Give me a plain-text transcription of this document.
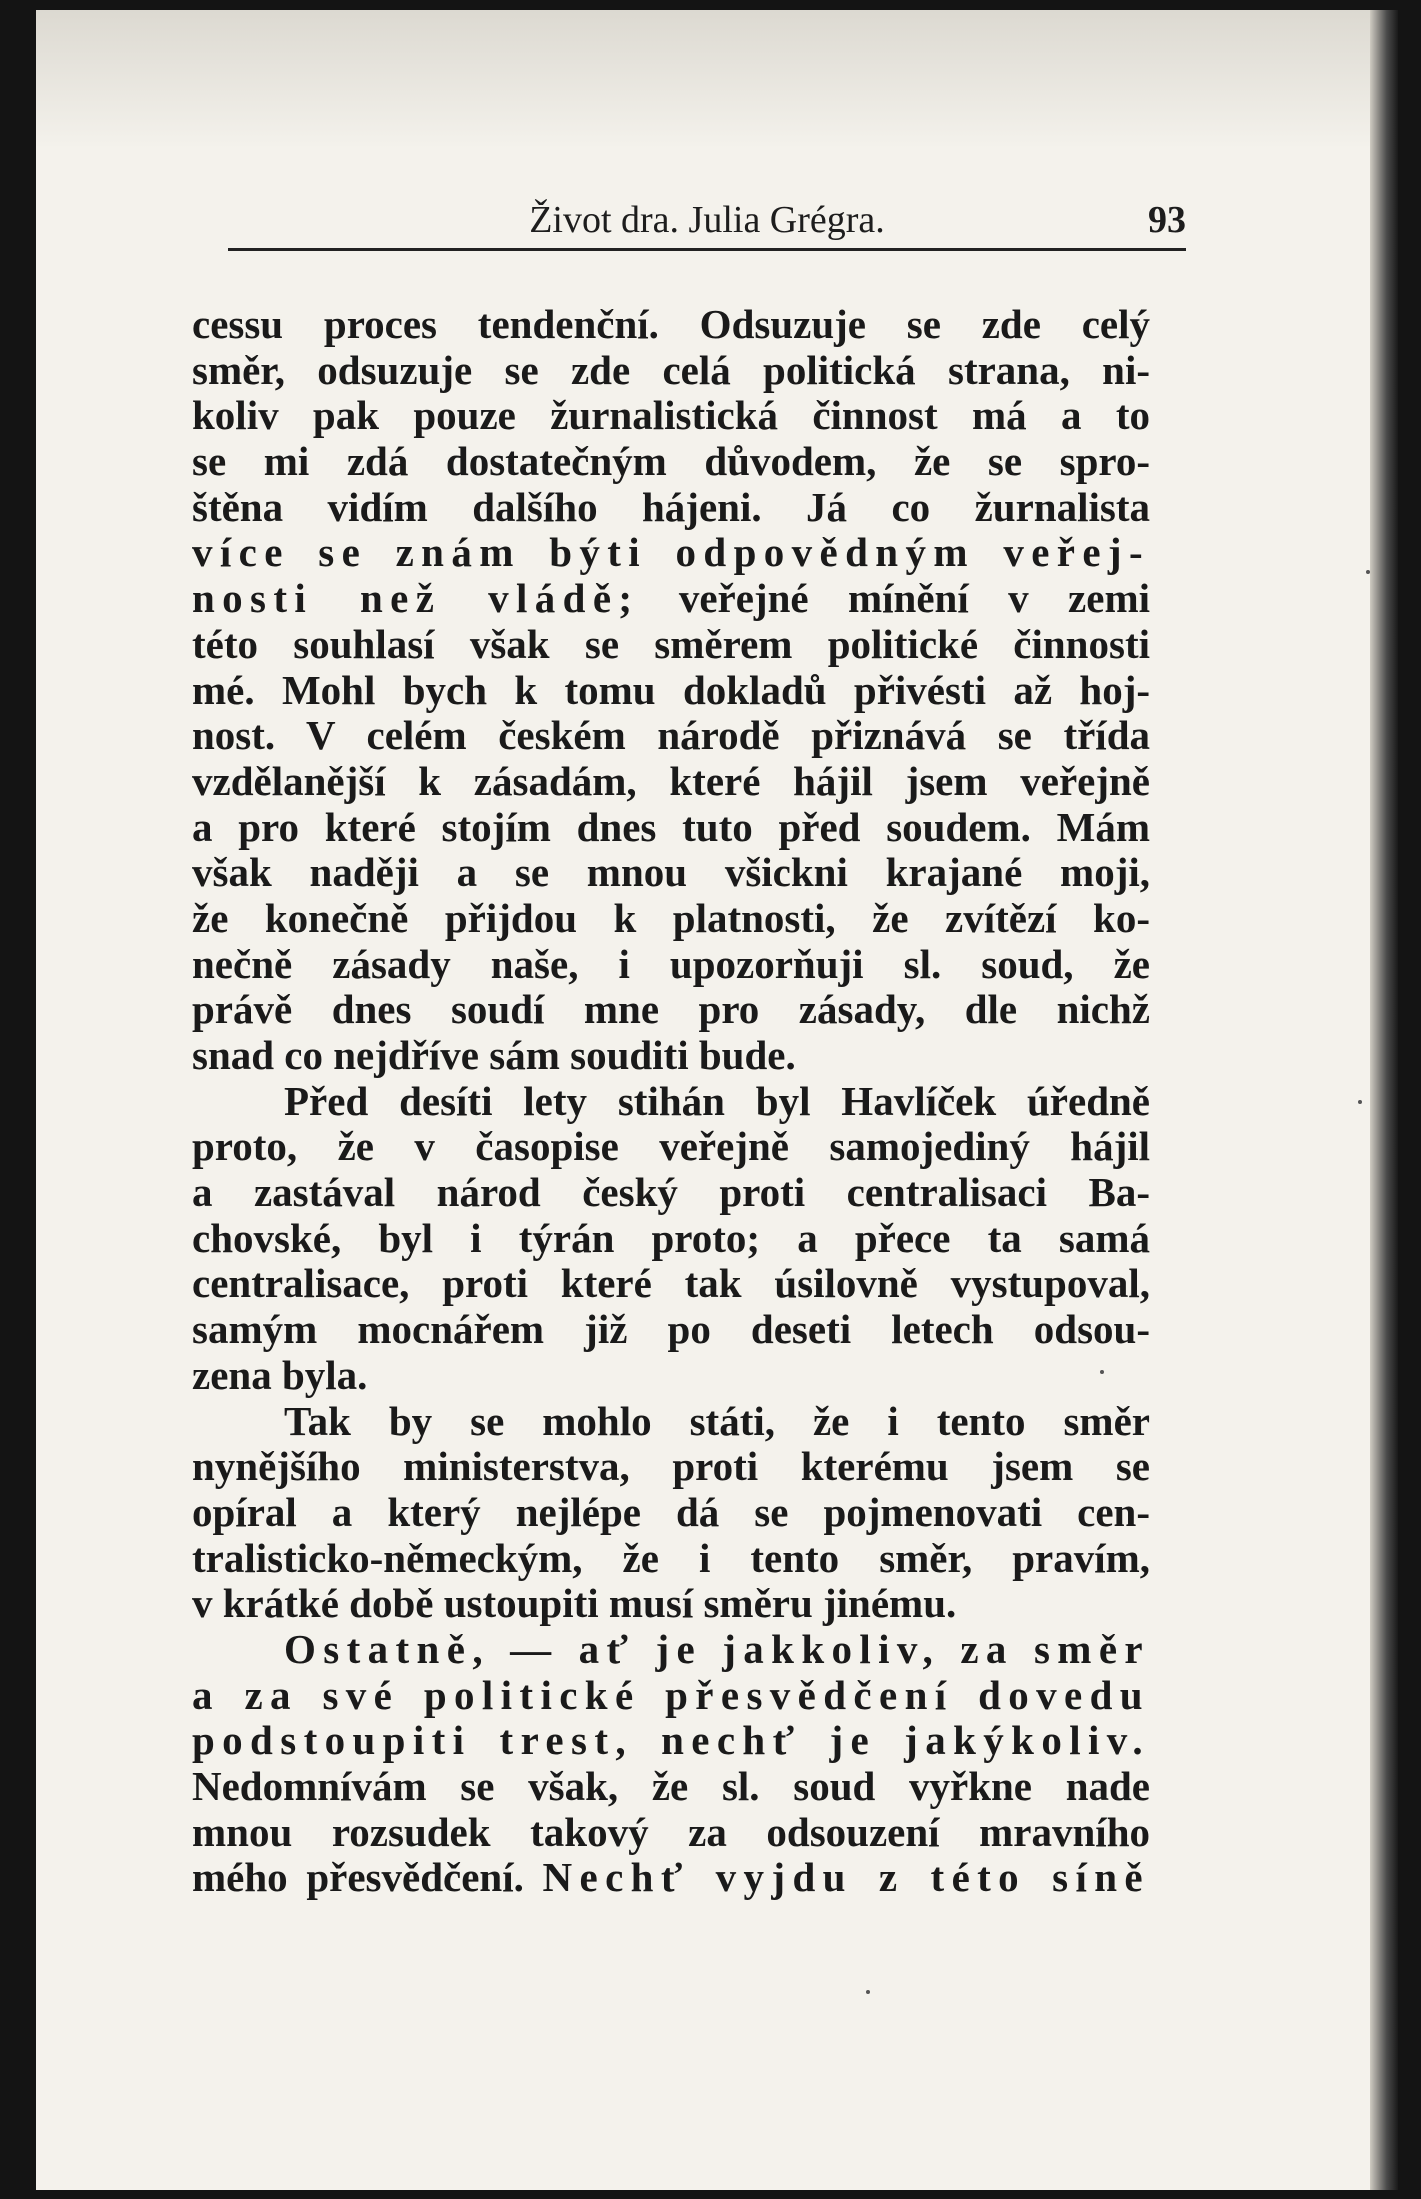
Život dra. Julia Grégra.	93
cessu proces tendenční. Odsuzuje se zde celý
směr, odsuzuje se zde celá politická strana, ni-
koliv pak pouze žurnalistická činnost má a to
se mi zdá dostatečným důvodem, že se spro-
štěna vidím dalšího hájeni. Já co žurnalista
více se znám býti odpovědným veřej-
nosti než vládě; veřejné mínění v zemi
této souhlasí však se směrem politické činnosti
mé. Mohl bych k tomu dokladů přivésti až hoj-
nost. V celém českém národě přiznává se třída
vzdělanější k zásadám, které hájil jsem veřejně
a pro které stojím dnes tuto před soudem. Mám
však naději a se mnou všickni krajané moji,
že konečně přijdou k platnosti, že zvítězí ko-
nečně zásady naše, i upozorňuji sl. soud, že
právě dnes soudí mne pro zásady, dle nichž
snad co nejdříve sám souditi bude.
Před desíti lety stihán byl Havlíček úředně
proto, že v časopise veřejně samojediný hájil
a zastával národ český proti centralisaci Ba-
chovské, byl i týrán proto; a přece ta samá
centralisace, proti které tak úsilovně vystupoval,
samým mocnářem již po deseti letech odsou-
zena byla.
Tak by se mohlo státi, že i tento směr
nynějšího ministerstva, proti kterému jsem se
opíral a který nejlépe dá se pojmenovati cen-
tralisticko-německým, že i tento směr, pravím,
v krátké době ustoupiti musí směru jinému.
Ostatně, — ať je jakkoliv, za směr
a za své politické přesvědčení dovedu
podstoupiti trest, nechť je jakýkoliv.
Nedomnívám se však, že sl. soud vyřkne nade
mnou rozsudek takový za odsouzení mravního
mého přesvědčení. Nechť vyjdu z této síně
